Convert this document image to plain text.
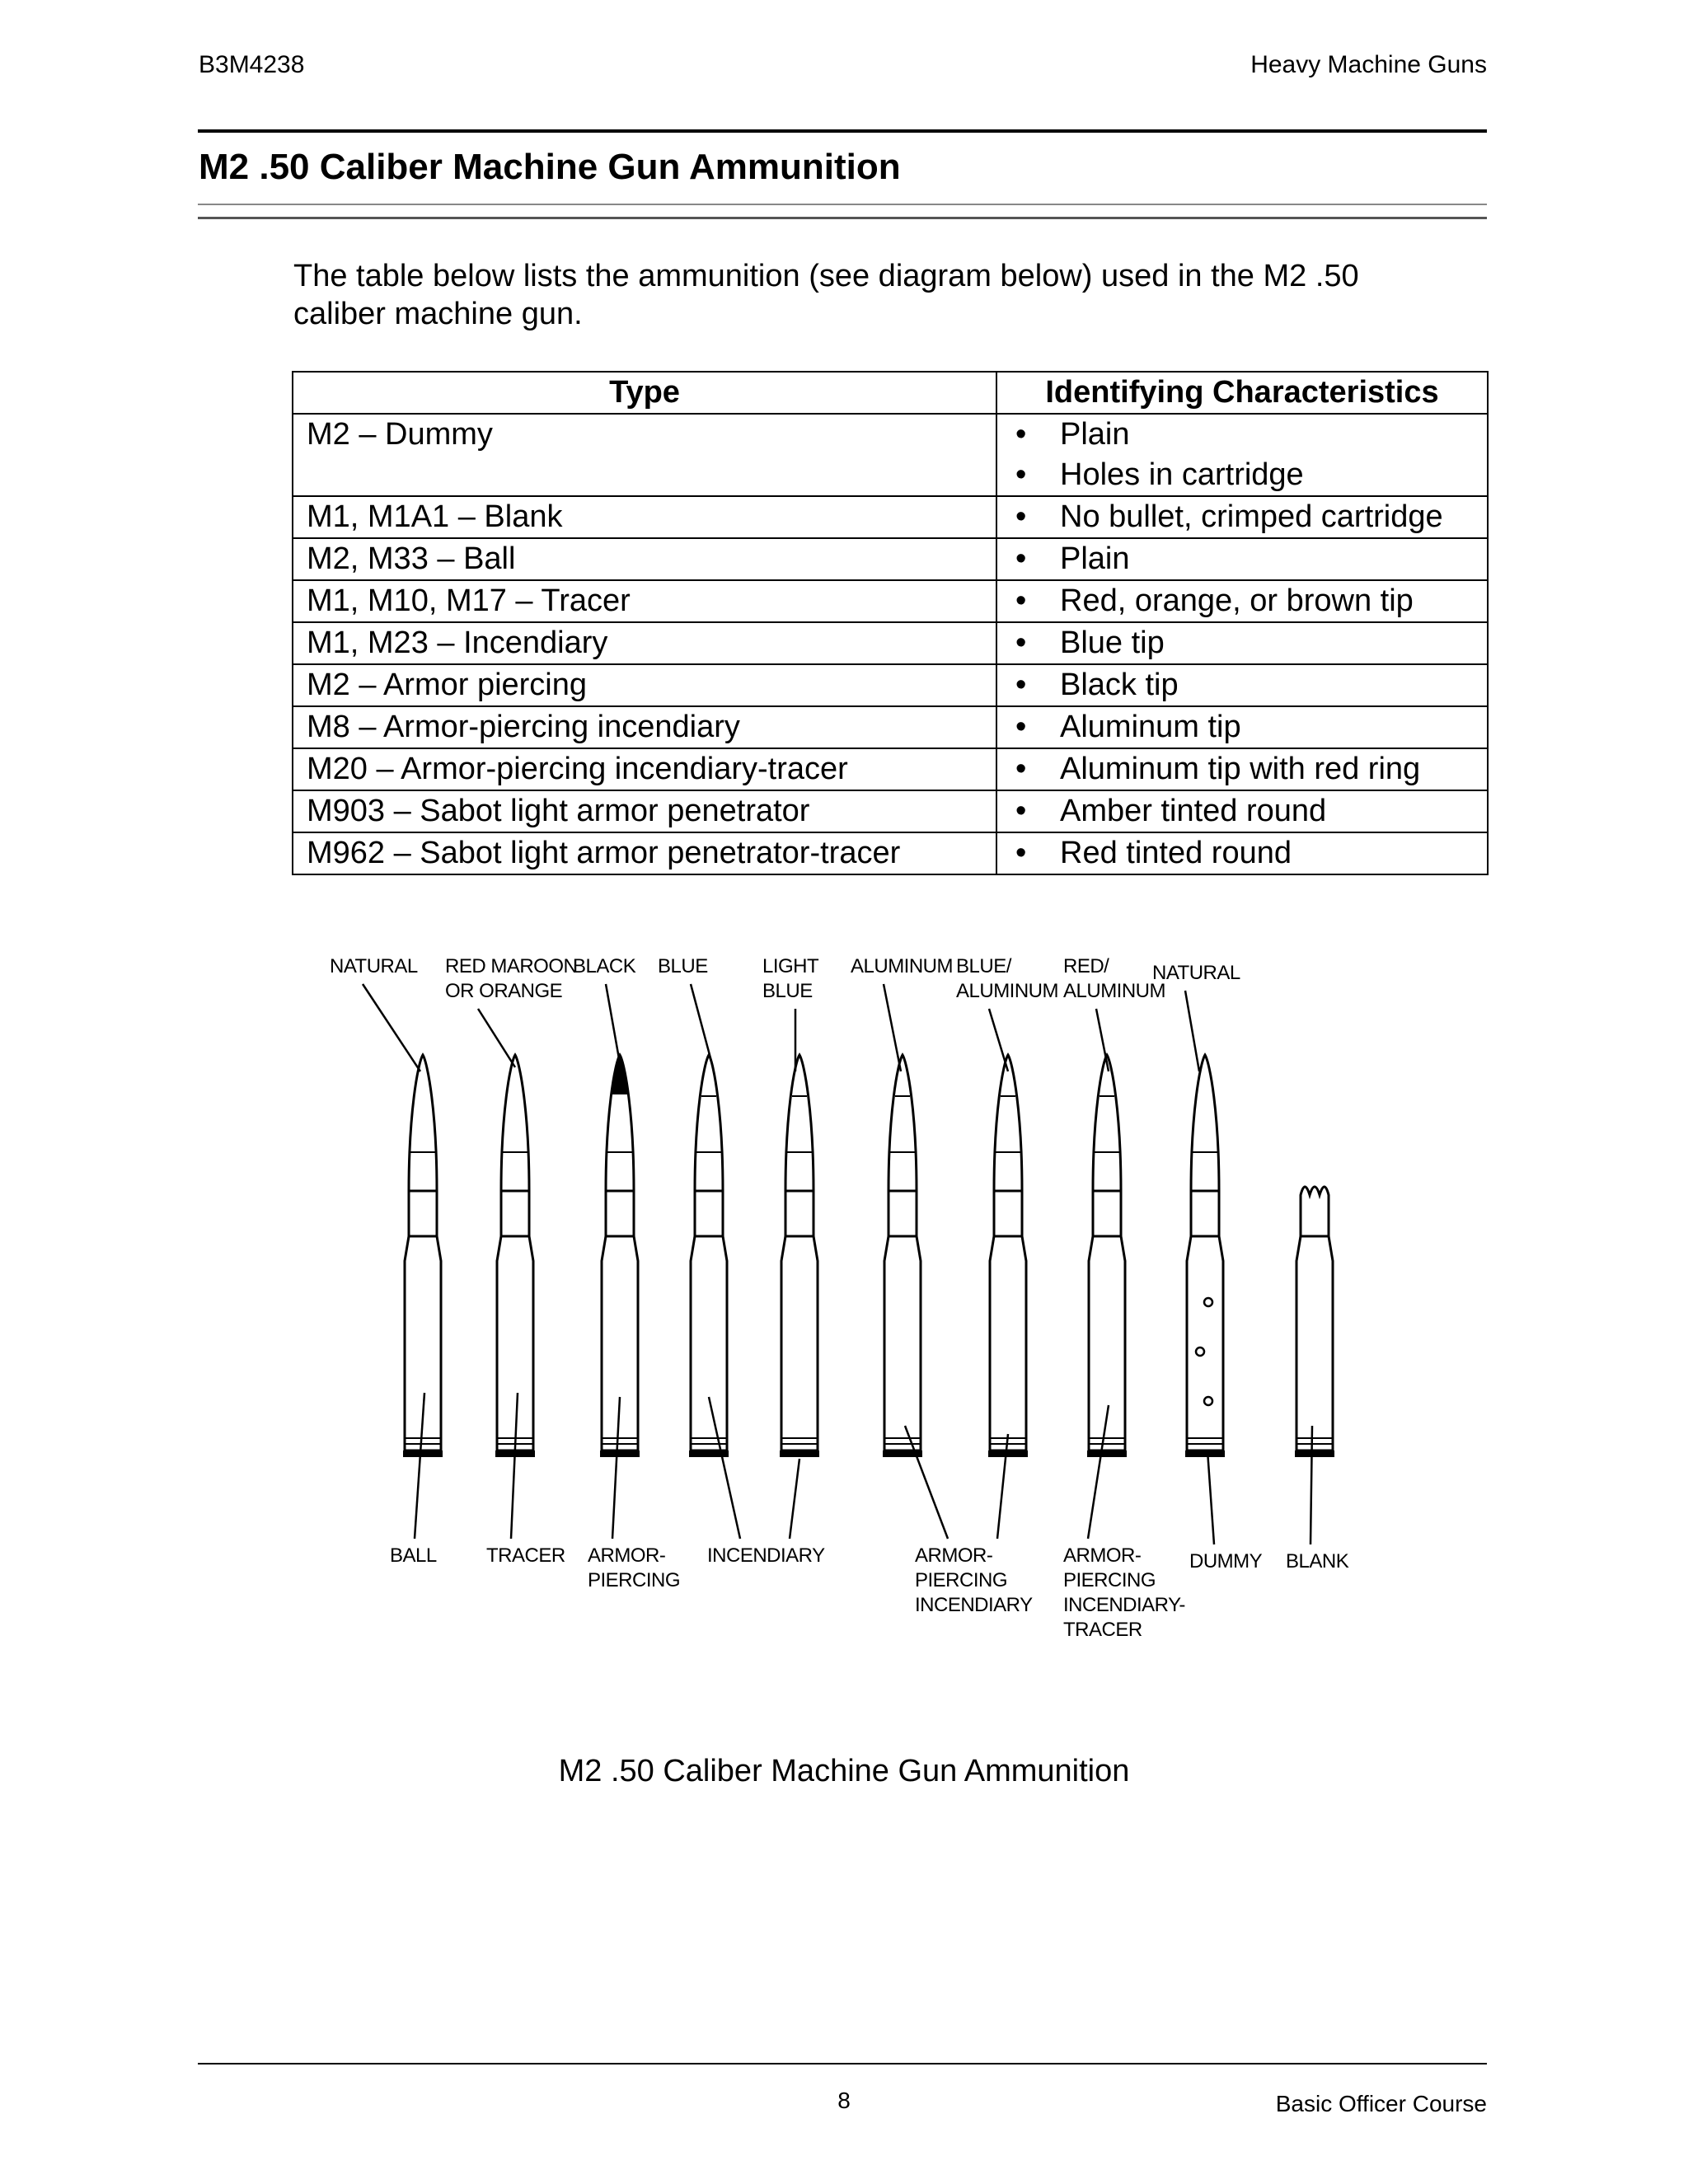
B3M4238	Heavy Machine Guns
M2 .50 Caliber Machine Gun Ammunition
The table below lists the ammunition (see diagram below) used in the M2 .50 caliber machine gun.
Type	Identifying Characteristics
M2 – Dummy	• Plain
• Holes in cartridge

M1, M1A1 – Blank	• No bullet, crimped cartridge

M2, M33 – Ball	• Plain

M1, M10, M17 – Tracer	• Red, orange, or brown tip

M1, M23 – Incendiary	• Blue tip

M2 – Armor piercing	• Black tip

M8 – Armor-piercing incendiary	• Aluminum tip

M20 – Armor-piercing incendiary-tracer	• Aluminum tip with red ring

M903 – Sabot light armor penetrator	• Amber tinted round

M962 – Sabot light armor penetrator-tracer	• Red tinted round
NATURAL RED MAROON
OR ORANGE
BLACK BLUE	LIGHT
BLUE
ALUMINUM BLUE/
ALUMINUM
RED/
ALUMINUM
NATURAL
BALL	TRACER ARMOR-
PIERCING
INCENDIARY	ARMOR-
PIERCING
INCENDIARY
ARMOR-
PIERCING
INCENDIARY-
TRACER
DUMMY BLANK
M2 .50 Caliber Machine Gun Ammunition
8	Basic Officer Course
